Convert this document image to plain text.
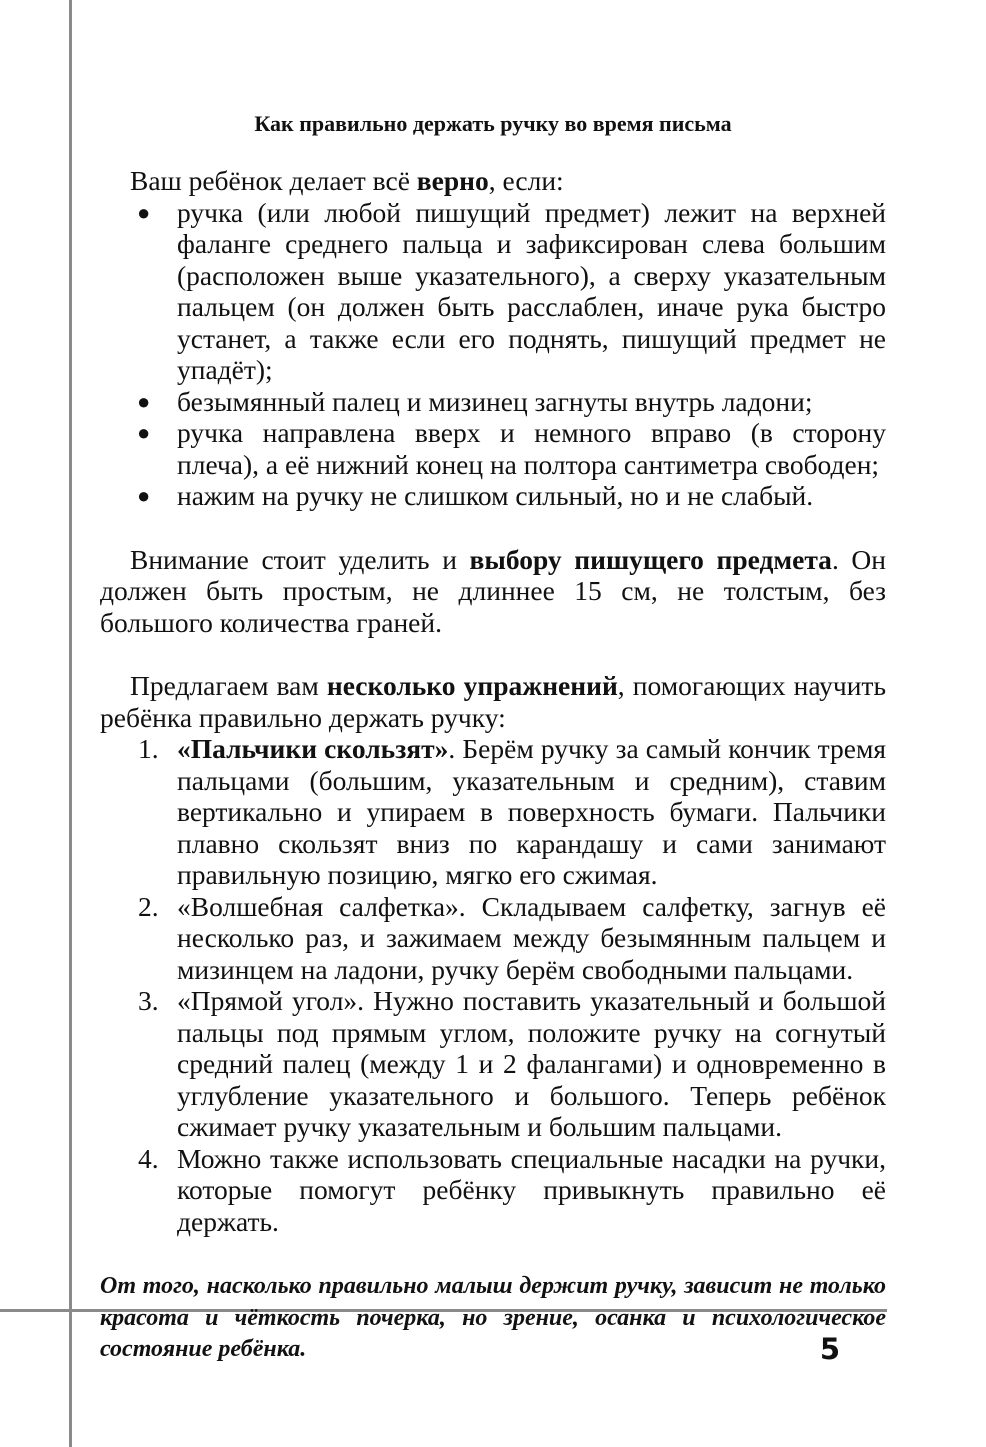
Как правильно держать ручку во время письма

Ваш ребёнок делает всё верно, если:

● ручка (или любой пишущий предмет) лежит на верхней фаланге среднего пальца и зафиксирован слева большим (расположен выше указательного), а сверху указательным пальцем (он должен быть расслаблен, иначе рука быстро устанет, а также если его поднять, пишущий предмет не упадёт);
● безымянный палец и мизинец загнуты внутрь ладони;
● ручка направлена вверх и немного вправо (в сторону плеча), а её нижний конец на полтора сантиметра свободен;
● нажим на ручку не слишком сильный, но и не слабый.

Внимание стоит уделить и выбору пишущего предмета. Он должен быть простым, не длиннее 15 см, не толстым, без большого количества граней.

Предлагаем вам несколько упражнений, помогающих научить ребёнка правильно держать ручку:

1. «Пальчики скользят». Берём ручку за самый кончик тремя пальцами (большим, указательным и средним), ставим вертикально и упираем в поверхность бумаги. Пальчики плавно скользят вниз по карандашу и сами занимают правильную позицию, мягко его сжимая.
2. «Волшебная салфетка». Складываем салфетку, загнув её несколько раз, и зажимаем между безымянным пальцем и мизинцем на ладони, ручку берём свободными пальцами.
3. «Прямой угол». Нужно поставить указательный и большой пальцы под прямым углом, положите ручку на согнутый средний палец (между 1 и 2 фалангами) и одновременно в углубление указательного и большого. Теперь ребёнок сжимает ручку указательным и большим пальцами.
4. Можно также использовать специальные насадки на ручки, которые помогут ребёнку привыкнуть правильно её держать.

От того, насколько правильно малыш держит ручку, зависит не только красота и чёткость почерка, но зрение, осанка и психологическое состояние ребёнка.	5
